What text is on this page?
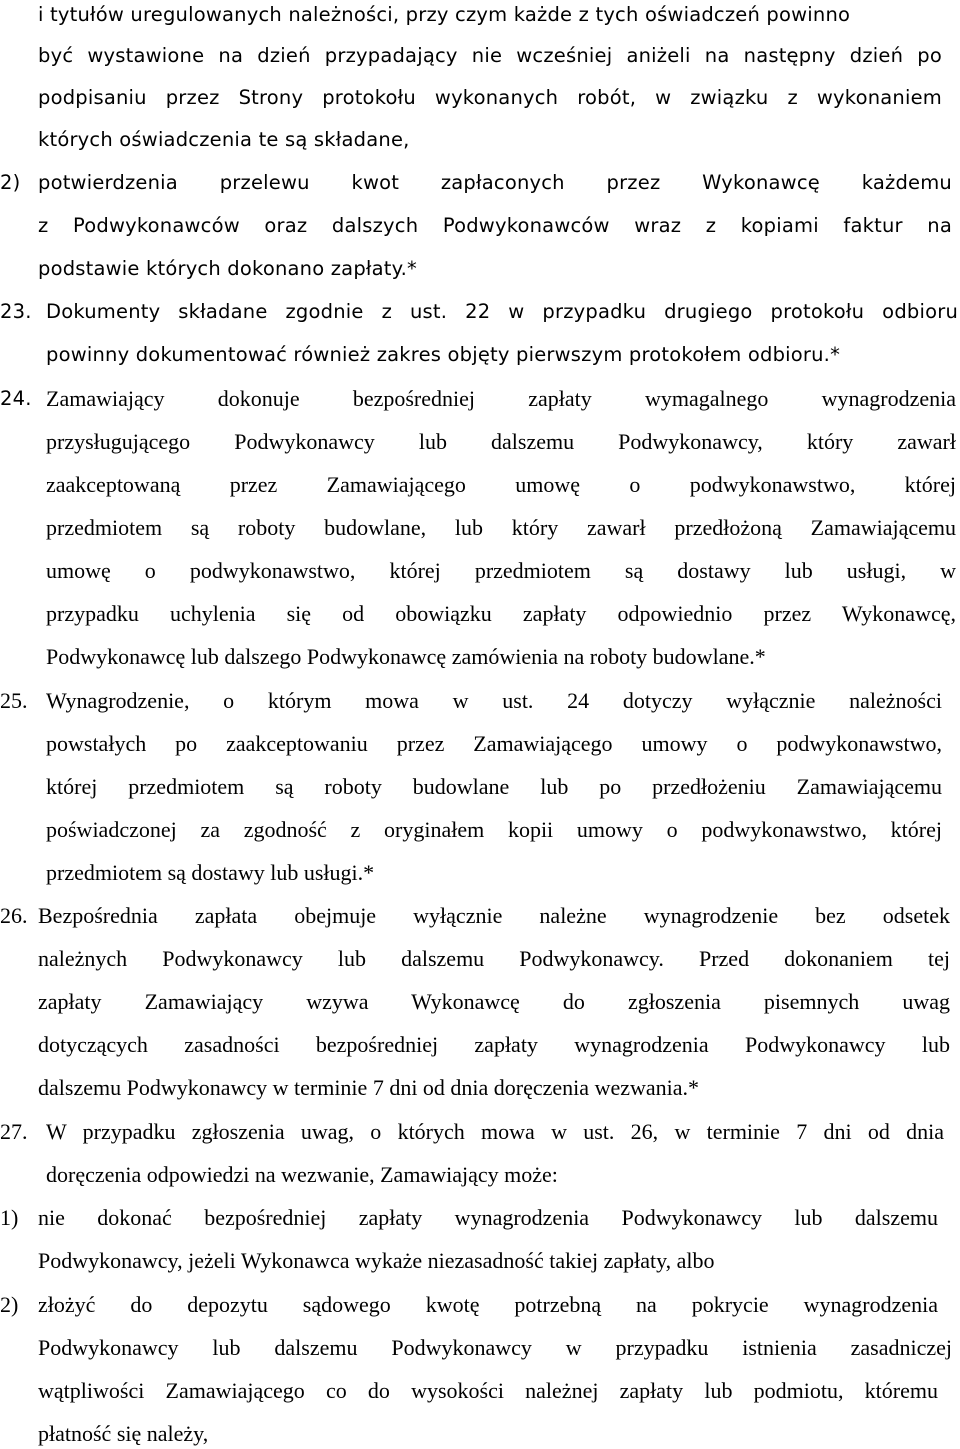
i tytułów uregulowanych należności, przy czym każde z tych oświadczeń powinno
być wystawione na dzień przypadający nie wcześniej aniżeli na następny dzień po
podpisaniu przez Strony protokołu wykonanych robót, w związku z wykonaniem
których oświadczenia te są składane,
2) potwierdzenia przelewu kwot zapłaconych przez Wykonawcę każdemu
z Podwykonawców oraz dalszych Podwykonawców wraz z kopiami faktur na
podstawie których dokonano zapłaty.*
23. Dokumenty składane zgodnie z ust. 22 w przypadku drugiego protokołu odbioru
powinny dokumentować również zakres objęty pierwszym protokołem odbioru.*
24. Zamawiający dokonuje bezpośredniej zapłaty wymagalnego wynagrodzenia
przysługującego Podwykonawcy lub dalszemu Podwykonawcy, który zawarł
zaakceptowaną przez Zamawiającego umowę o podwykonawstwo, której
przedmiotem są roboty budowlane, lub który zawarł przedłożoną Zamawiającemu
umowę o podwykonawstwo, której przedmiotem są dostawy lub usługi, w
przypadku uchylenia się od obowiązku zapłaty odpowiednio przez Wykonawcę,
Podwykonawcę lub dalszego Podwykonawcę zamówienia na roboty budowlane.*
25. Wynagrodzenie, o którym mowa w ust. 24 dotyczy wyłącznie należności
powstałych po zaakceptowaniu przez Zamawiającego umowy o podwykonawstwo,
której przedmiotem są roboty budowlane lub po przedłożeniu Zamawiającemu
poświadczonej za zgodność z oryginałem kopii umowy o podwykonawstwo, której
przedmiotem są dostawy lub usługi.*
26. Bezpośrednia zapłata obejmuje wyłącznie należne wynagrodzenie bez odsetek
należnych Podwykonawcy lub dalszemu Podwykonawcy. Przed dokonaniem tej
zapłaty Zamawiający wzywa Wykonawcę do zgłoszenia pisemnych uwag
dotyczących zasadności bezpośredniej zapłaty wynagrodzenia Podwykonawcy lub
dalszemu Podwykonawcy w terminie 7 dni od dnia doręczenia wezwania.*
27. W przypadku zgłoszenia uwag, o których mowa w ust. 26, w terminie 7 dni od dnia
doręczenia odpowiedzi na wezwanie, Zamawiający może:
1) nie dokonać bezpośredniej zapłaty wynagrodzenia Podwykonawcy lub dalszemu
Podwykonawcy, jeżeli Wykonawca wykaże niezasadność takiej zapłaty, albo
2) złożyć do depozytu sądowego kwotę potrzebną na pokrycie wynagrodzenia
Podwykonawcy lub dalszemu Podwykonawcy w przypadku istnienia zasadniczej
wątpliwości Zamawiającego co do wysokości należnej zapłaty lub podmiotu, któremu
płatność się należy,
